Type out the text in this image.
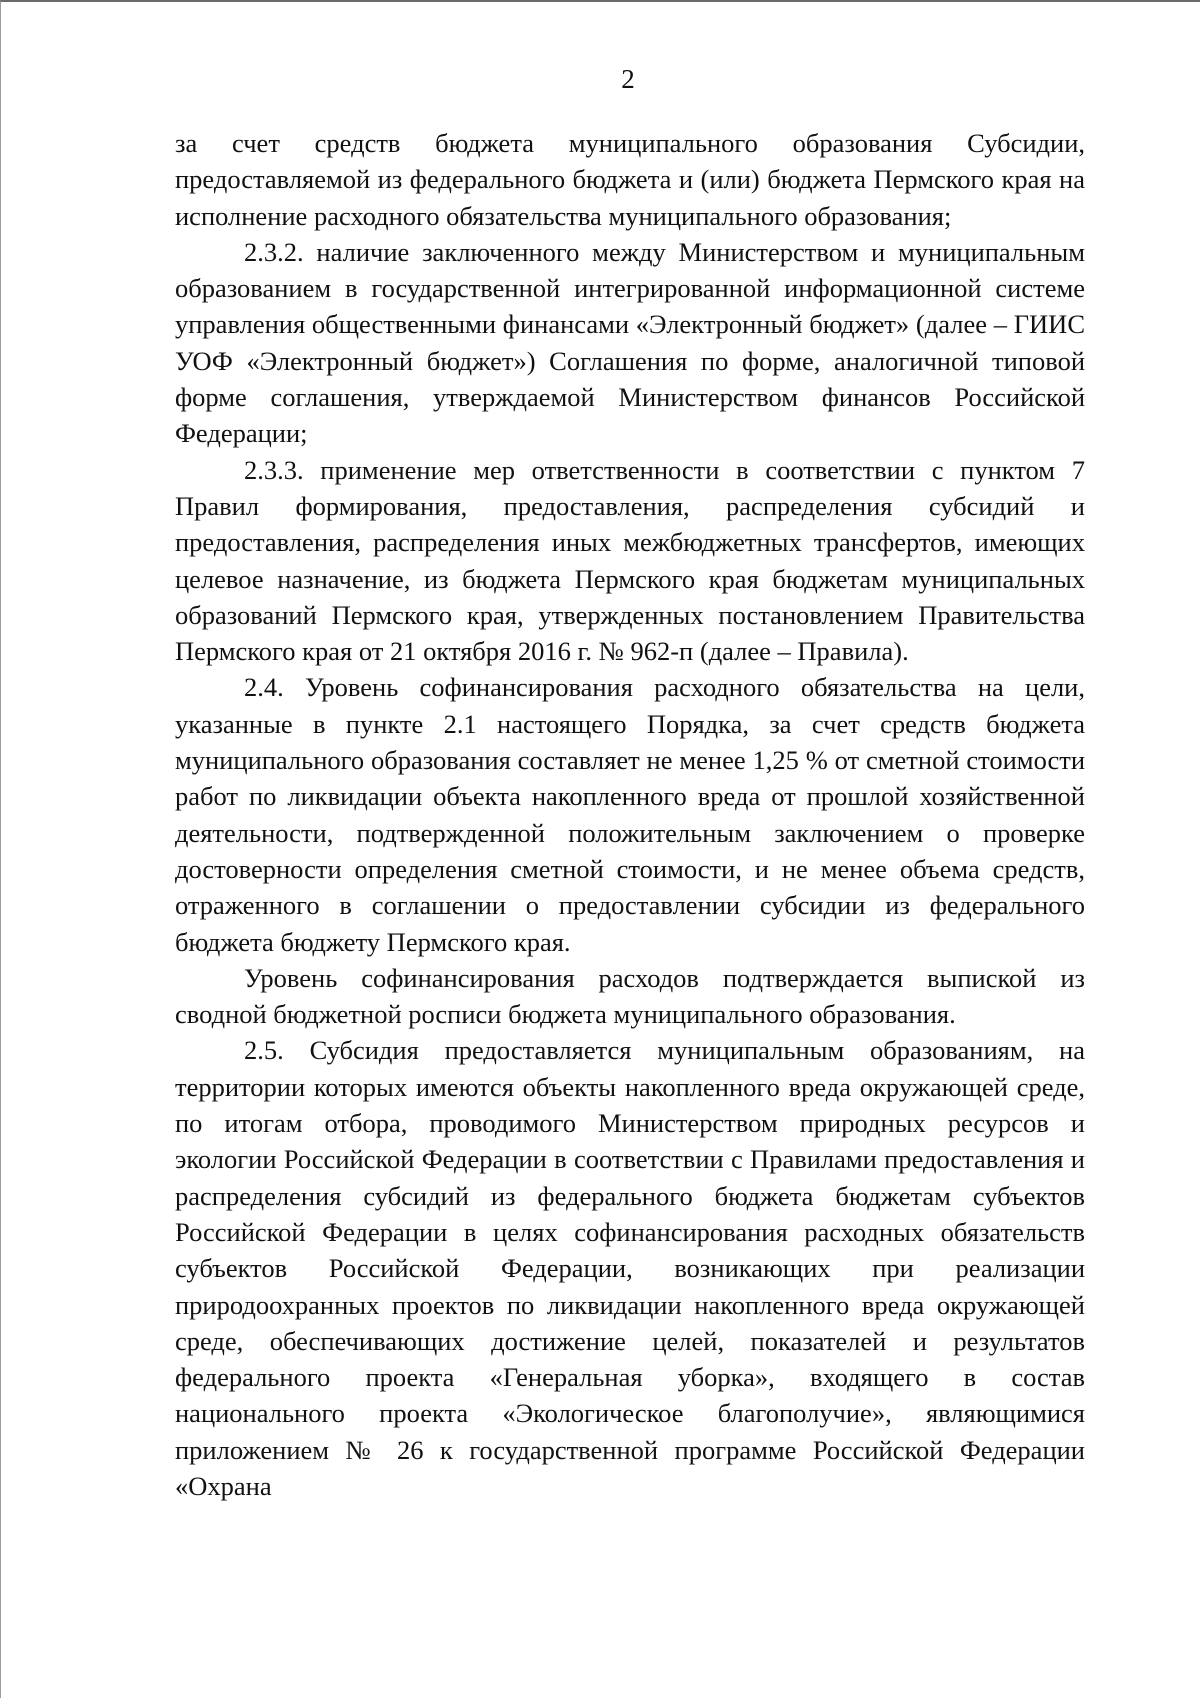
2

за счет средств бюджета муниципального образования Субсидии, предоставляемой из федерального бюджета и (или) бюджета Пермского края на исполнение расходного обязательства муниципального образования;

2.3.2. наличие заключенного между Министерством и муниципальным образованием в государственной интегрированной информационной системе управления общественными финансами «Электронный бюджет» (далее – ГИИС УОФ «Электронный бюджет») Соглашения по форме, аналогичной типовой форме соглашения, утверждаемой Министерством финансов Российской Федерации;

2.3.3. применение мер ответственности в соответствии с пунктом 7 Правил формирования, предоставления, распределения субсидий и предоставления, распределения иных межбюджетных трансфертов, имеющих целевое назначение, из бюджета Пермского края бюджетам муниципальных образований Пермского края, утвержденных постановлением Правительства Пермского края от 21 октября 2016 г. № 962-п (далее – Правила).

2.4. Уровень софинансирования расходного обязательства на цели, указанные в пункте 2.1 настоящего Порядка, за счет средств бюджета муниципального образования составляет не менее 1,25 % от сметной стоимости работ по ликвидации объекта накопленного вреда от прошлой хозяйственной деятельности, подтвержденной положительным заключением о проверке достоверности определения сметной стоимости, и не менее объема средств, отраженного в соглашении о предоставлении субсидии из федерального бюджета бюджету Пермского края.

Уровень софинансирования расходов подтверждается выпиской из сводной бюджетной росписи бюджета муниципального образования.

2.5. Субсидия предоставляется муниципальным образованиям, на территории которых имеются объекты накопленного вреда окружающей среде, по итогам отбора, проводимого Министерством природных ресурсов и экологии Российской Федерации в соответствии с Правилами предоставления и распределения субсидий из федерального бюджета бюджетам субъектов Российской Федерации в целях софинансирования расходных обязательств субъектов Российской Федерации, возникающих при реализации природоохранных проектов по ликвидации накопленного вреда окружающей среде, обеспечивающих достижение целей, показателей и результатов федерального проекта «Генеральная уборка», входящего в состав национального проекта «Экологическое благополучие», являющимися приложением № 26 к государственной программе Российской Федерации «Охрана
